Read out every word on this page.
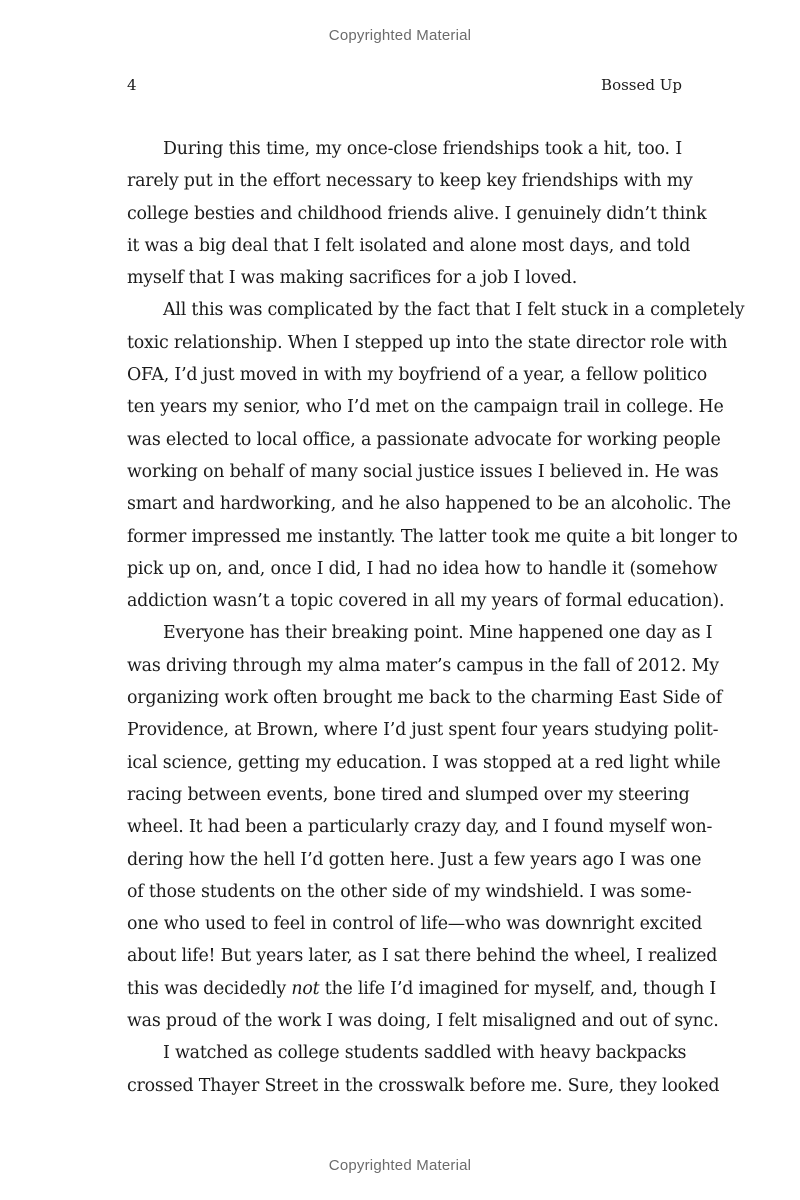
Copyrighted Material
4	Bossed Up

During this time, my once-close friendships took a hit, too. I
rarely put in the effort necessary to keep key friendships with my
college besties and childhood friends alive. I genuinely didn’t think
it was a big deal that I felt isolated and alone most days, and told
myself that I was making sacrifices for a job I loved.

All this was complicated by the fact that I felt stuck in a completely
toxic relationship. When I stepped up into the state director role with
OFA, I’d just moved in with my boyfriend of a year, a fellow politico
ten years my senior, who I’d met on the campaign trail in college. He
was elected to local office, a passionate advocate for working people
working on behalf of many social justice issues I believed in. He was
smart and hardworking, and he also happened to be an alcoholic. The
former impressed me instantly. The latter took me quite a bit longer to
pick up on, and, once I did, I had no idea how to handle it (somehow
addiction wasn’t a topic covered in all my years of formal education).

Everyone has their breaking point. Mine happened one day as I
was driving through my alma mater’s campus in the fall of 2012. My
organizing work often brought me back to the charming East Side of
Providence, at Brown, where I’d just spent four years studying polit-
ical science, getting my education. I was stopped at a red light while
racing between events, bone tired and slumped over my steering
wheel. It had been a particularly crazy day, and I found myself won-
dering how the hell I’d gotten here. Just a few years ago I was one
of those students on the other side of my windshield. I was some-
one who used to feel in control of life—who was downright excited
about life! But years later, as I sat there behind the wheel, I realized
this was decidedly not the life I’d imagined for myself, and, though I
was proud of the work I was doing, I felt misaligned and out of sync.

I watched as college students saddled with heavy backpacks
crossed Thayer Street in the crosswalk before me. Sure, they looked

Copyrighted Material
